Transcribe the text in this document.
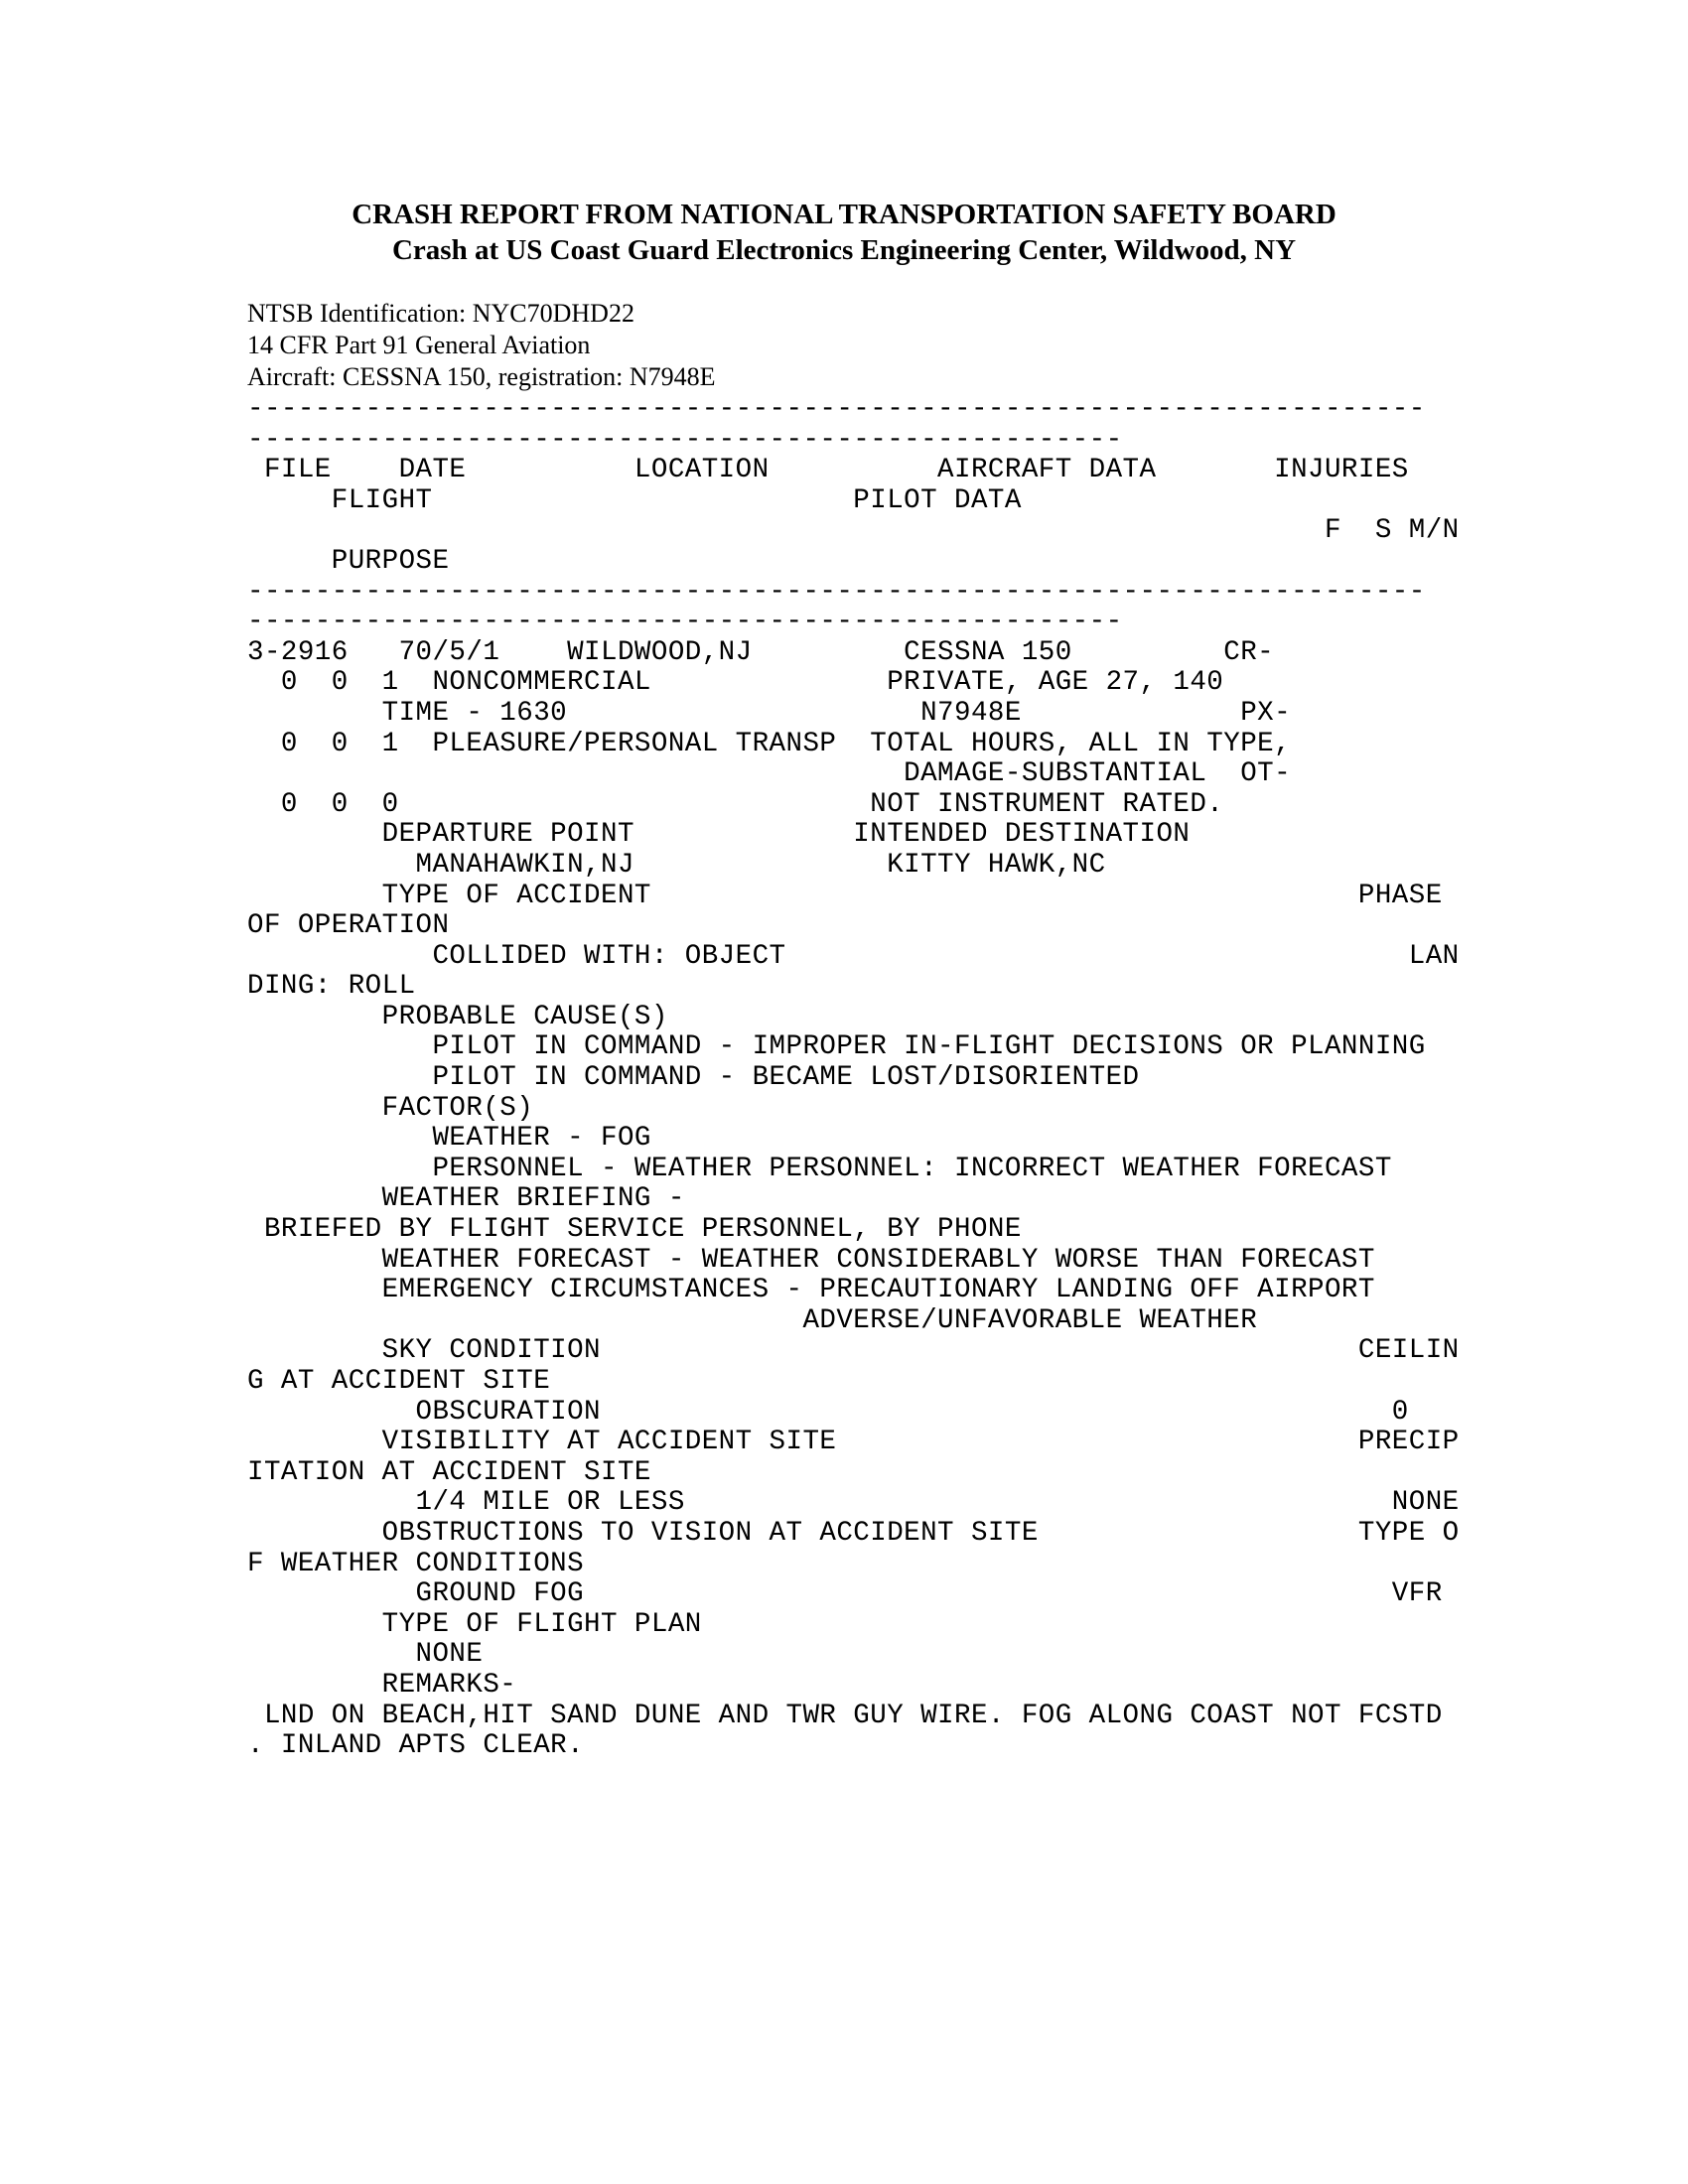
CRASH REPORT FROM NATIONAL TRANSPORTATION SAFETY BOARD
Crash at US Coast Guard Electronics Engineering Center, Wildwood, NY
NTSB Identification: NYC70DHD22
14 CFR Part 91 General Aviation
Aircraft: CESSNA 150, registration: N7948E
----------------------------------------------------------------------
----------------------------------------------------
FILE    DATE          LOCATION          AIRCRAFT DATA       INJURIES
FLIGHT                         PILOT DATA
F  S M/N
PURPOSE
----------------------------------------------------------------------
----------------------------------------------------
3-2916   70/5/1    WILDWOOD,NJ         CESSNA 150         CR-
0  0  1  NONCOMMERCIAL              PRIVATE, AGE 27, 140
TIME - 1630                     N7948E             PX-
0  0  1  PLEASURE/PERSONAL TRANSP  TOTAL HOURS, ALL IN TYPE,
DAMAGE-SUBSTANTIAL  OT-
0  0  0                            NOT INSTRUMENT RATED.
DEPARTURE POINT             INTENDED DESTINATION
MANAHAWKIN,NJ               KITTY HAWK,NC
TYPE OF ACCIDENT                                          PHASE
OF OPERATION
COLLIDED WITH: OBJECT                                     LAN
DING: ROLL
PROBABLE CAUSE(S)
PILOT IN COMMAND - IMPROPER IN-FLIGHT DECISIONS OR PLANNING
PILOT IN COMMAND - BECAME LOST/DISORIENTED
FACTOR(S)
WEATHER - FOG
PERSONNEL - WEATHER PERSONNEL: INCORRECT WEATHER FORECAST
WEATHER BRIEFING -
BRIEFED BY FLIGHT SERVICE PERSONNEL, BY PHONE
WEATHER FORECAST - WEATHER CONSIDERABLY WORSE THAN FORECAST
EMERGENCY CIRCUMSTANCES - PRECAUTIONARY LANDING OFF AIRPORT
ADVERSE/UNFAVORABLE WEATHER
SKY CONDITION                                             CEILIN
G AT ACCIDENT SITE
OBSCURATION                                               0
VISIBILITY AT ACCIDENT SITE                               PRECIP
ITATION AT ACCIDENT SITE
1/4 MILE OR LESS                                          NONE
OBSTRUCTIONS TO VISION AT ACCIDENT SITE                   TYPE O
F WEATHER CONDITIONS
GROUND FOG                                                VFR
TYPE OF FLIGHT PLAN
NONE
REMARKS-
LND ON BEACH,HIT SAND DUNE AND TWR GUY WIRE. FOG ALONG COAST NOT FCSTD
. INLAND APTS CLEAR.
